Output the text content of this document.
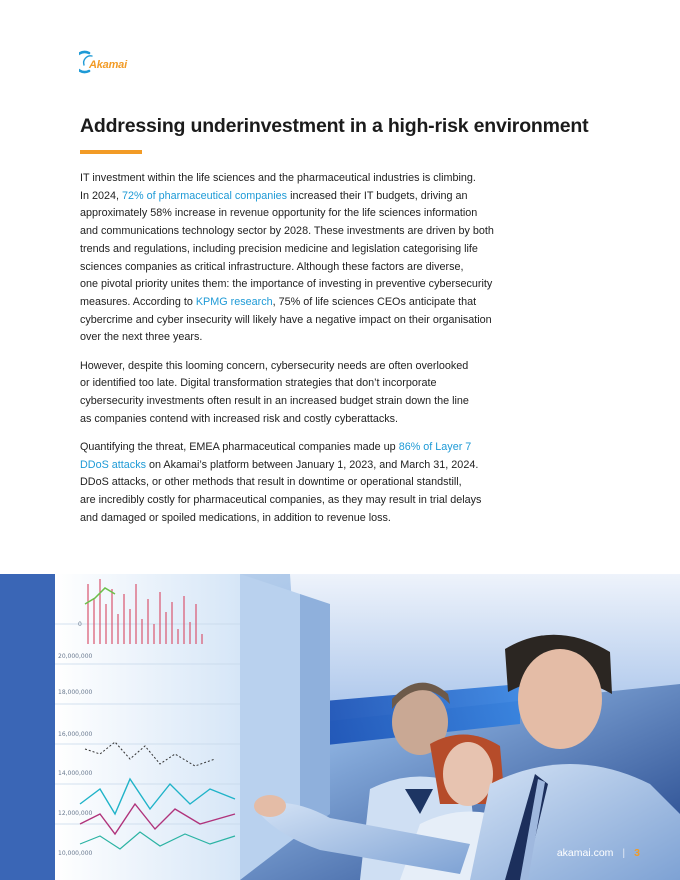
Akamai
Addressing underinvestment in a high-risk environment

IT investment within the life sciences and the pharmaceutical industries is climbing.
In 2024, 72% of pharmaceutical companies increased their IT budgets, driving an
approximately 58% increase in revenue opportunity for the life sciences information
and communications technology sector by 2028. These investments are driven by both
trends and regulations, including precision medicine and legislation categorising life
sciences companies as critical infrastructure. Although these factors are diverse,
one pivotal priority unites them: the importance of investing in preventive cybersecurity
measures. According to KPMG research, 75% of life sciences CEOs anticipate that
cybercrime and cyber insecurity will likely have a negative impact on their organisation
over the next three years.

However, despite this looming concern, cybersecurity needs are often overlooked
or identified too late. Digital transformation strategies that don’t incorporate
cybersecurity investments often result in an increased budget strain down the line
as companies contend with increased risk and costly cyberattacks.

Quantifying the threat, EMEA pharmaceutical companies made up 86% of Layer 7
DDoS attacks on Akamai’s platform between January 1, 2023, and March 31, 2024.
DDoS attacks, or other methods that result in downtime or operational standstill,
are incredibly costly for pharmaceutical companies, as they may result in trial delays
and damaged or spoiled medications, in addition to revenue loss.

20,000,000
18,000,000
16,000,000
14,000,000
12,000,000
10,000,000
0
akamai.com | 3
